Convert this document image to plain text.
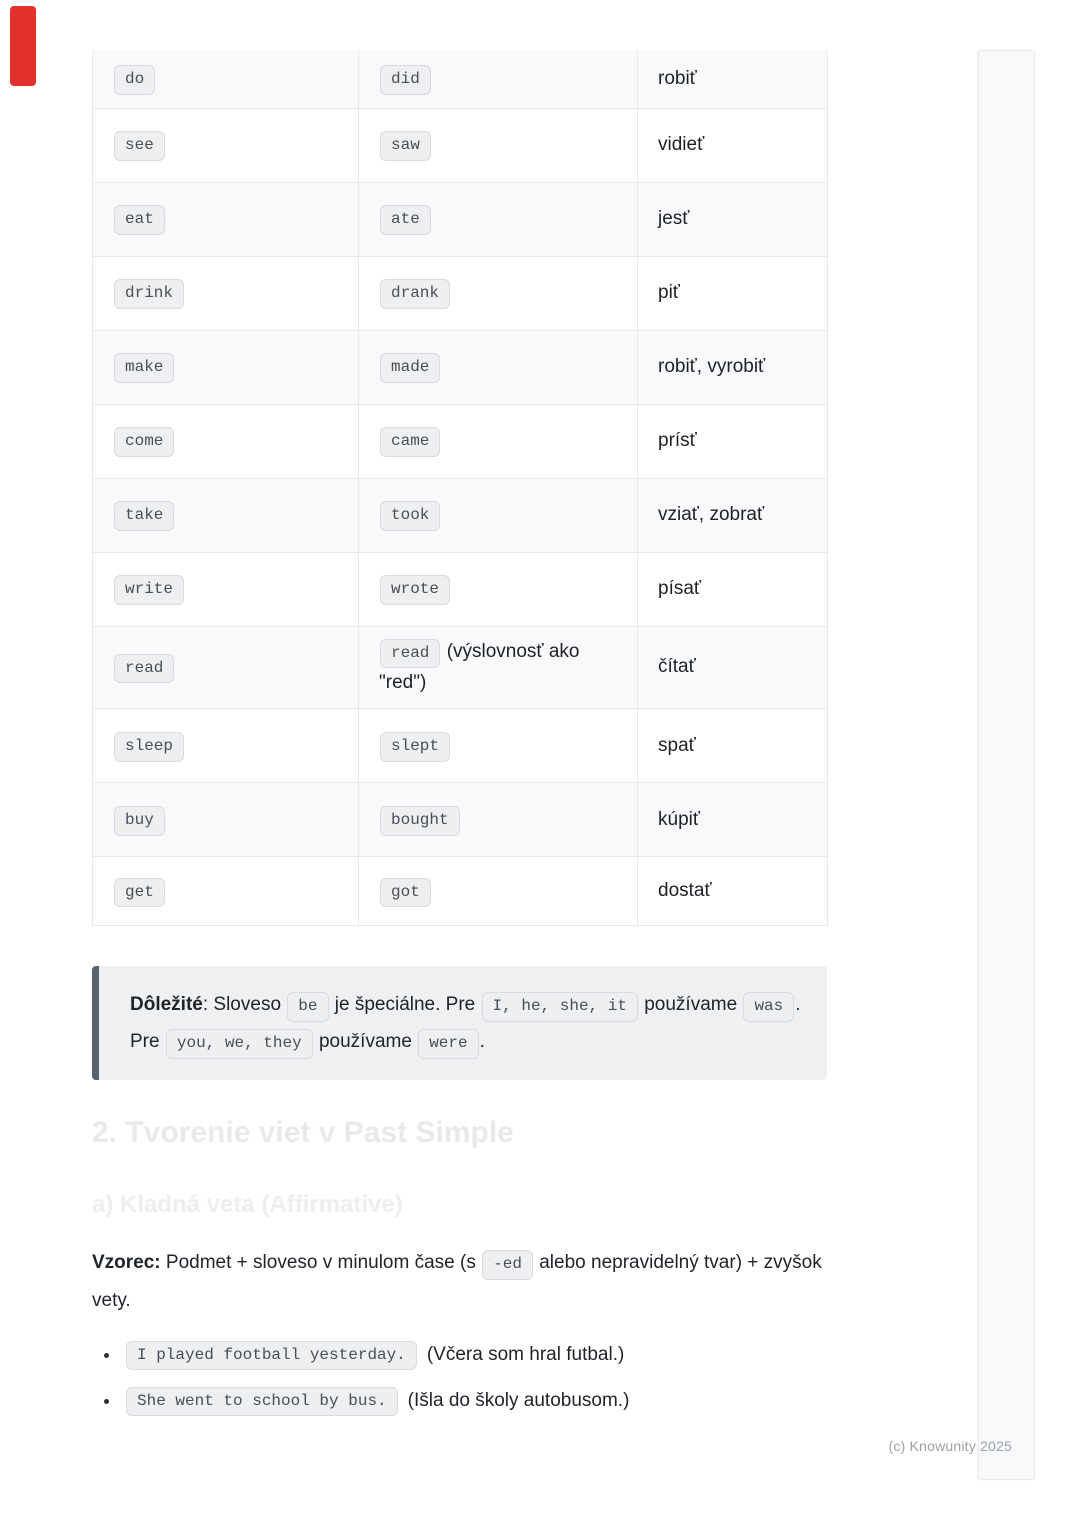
(c) Knowunity 2025
do	did	robiť
see	saw	vidieť
eat	ate	jesť
drink	drank	piť
make	made	robiť, vyrobiť
come	came	prísť
take	took	vziať, zobrať
write	wrote	písať
read	read (výslovnosť ako "red")	čítať
sleep	slept	spať
buy	bought	kúpiť
get	got	dostať
Dôležité: Sloveso be je špeciálne. Pre I, he, she, it používame was . Pre you, we, they používame were .
2. Tvorenie viet v Past Simple
a) Kladná veta (Affirmative)

Vzorec: Podmet + sloveso v minulom čase (s -ed alebo nepravidelný tvar) + zvyšok vety.

I played football yesterday.	(Včera som hral futbal.)
She went to school by bus.	(Išla do školy autobusom.)
